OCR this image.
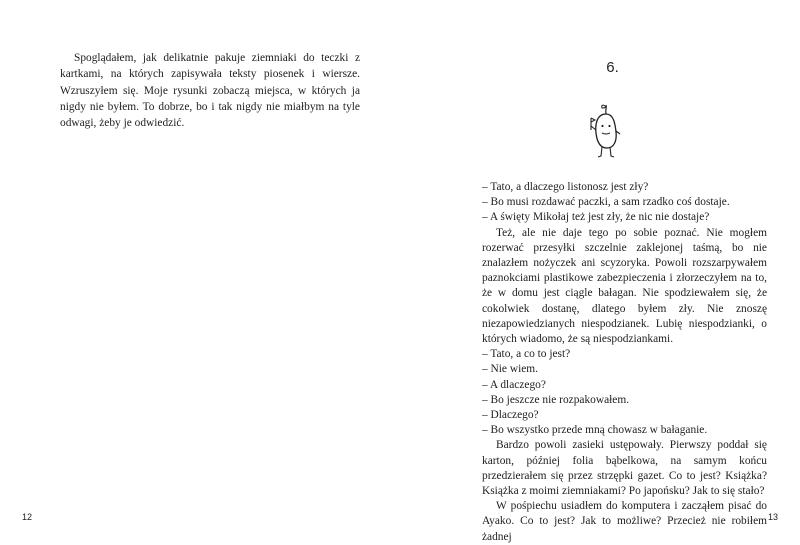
Spoglądałem, jak delikatnie pakuje ziemniaki do teczki z kartkami, na których zapisywała teksty piosenek i wiersze. Wzruszyłem się. Moje rysunki zobaczą miejsca, w których ja nigdy nie byłem. To dobrze, bo i tak nigdy nie miałbym na tyle odwagi, żeby je odwiedzić.

12
6.
– Tato, a dlaczego listonosz jest zły?
– Bo musi rozdawać paczki, a sam rzadko coś dostaje.
– A święty Mikołaj też jest zły, że nic nie dostaje?

Też, ale nie daje tego po sobie poznać. Nie mogłem rozerwać przesyłki szczelnie zaklejonej taśmą, bo nie znalazłem nożyczek ani scyzoryka. Powoli rozszarpywałem paznokciami plastikowe zabezpieczenia i złorzeczyłem na to, że w domu jest ciągle bałagan. Nie spodziewałem się, że cokolwiek dostanę, dlatego byłem zły. Nie znoszę niezapowiedzianych niespodzianek. Lubię niespodzianki, o których wiadomo, że są niespodziankami.

– Tato, a co to jest?
– Nie wiem.
– A dlaczego?
– Bo jeszcze nie rozpakowałem.
– Dlaczego?
– Bo wszystko przede mną chowasz w bałaganie.

Bardzo powoli zasieki ustępowały. Pierwszy poddał się karton, później folia bąbelkowa, na samym końcu przedzierałem się przez strzępki gazet. Co to jest? Książka? Książka z moimi ziemniakami? Po japońsku? Jak to się stało?

W pośpiechu usiadłem do komputera i zacząłem pisać do Ayako. Co to jest? Jak to możliwe? Przecież nie robiłem żadnej

13
